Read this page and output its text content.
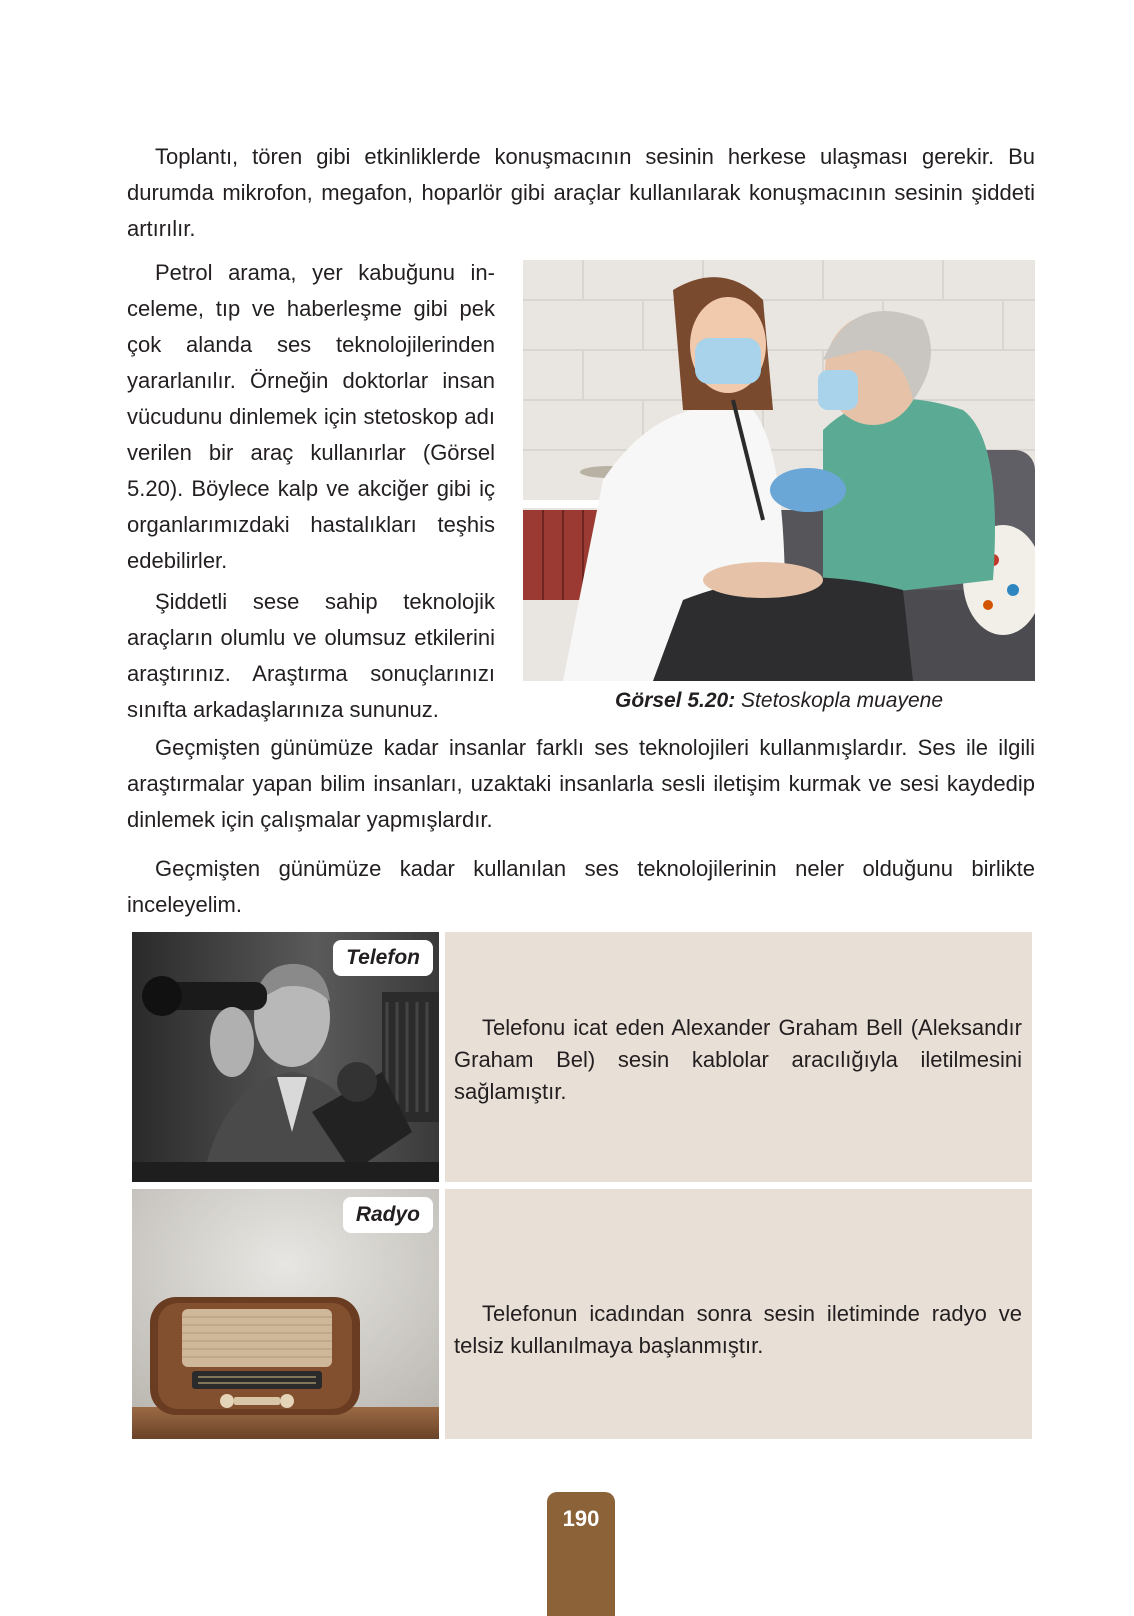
Toplantı, tören gibi etkinliklerde konuşmacının sesinin herkese ulaşması gerekir. Bu durumda mikrofon, megafon, hoparlör gibi araçlar kullanılarak konuşmacının sesinin şiddeti artırılır.

Petrol arama, yer kabuğunu inceleme, tıp ve haberleşme gibi pek çok alanda ses teknolojilerinden yararlanılır. Örneğin doktorlar insan vücudunu dinlemek için stetoskop adı verilen bir araç kullanırlar (Görsel 5.20). Böylece kalp ve akciğer gibi iç organlarımızdaki hastalıkları teşhis edebilirler.

Şiddetli sese sahip teknolojik araçların olumlu ve olumsuz etkilerini araştırınız. Araştırma sonuçlarınızı sınıfta arkadaşlarınıza sununuz.	Görsel 5.20: Stetoskopla muayene

Geçmişten günümüze kadar insanlar farklı ses teknolojileri kullanmışlardır. Ses ile ilgili araştırmalar yapan bilim insanları, uzaktaki insanlarla sesli iletişim kurmak ve sesi kaydedip dinlemek için çalışmalar yapmışlardır.

Geçmişten günümüze kadar kullanılan ses teknolojilerinin neler olduğunu birlikte inceleyelim.

Telefon

Telefonu icat eden Alexander Graham Bell (Aleksandır Graham Bel) sesin kablolar aracılığıyla iletilmesini sağlamıştır.

Radyo

Telefonun icadından sonra sesin iletiminde radyo ve telsiz kullanılmaya başlanmıştır.

190
